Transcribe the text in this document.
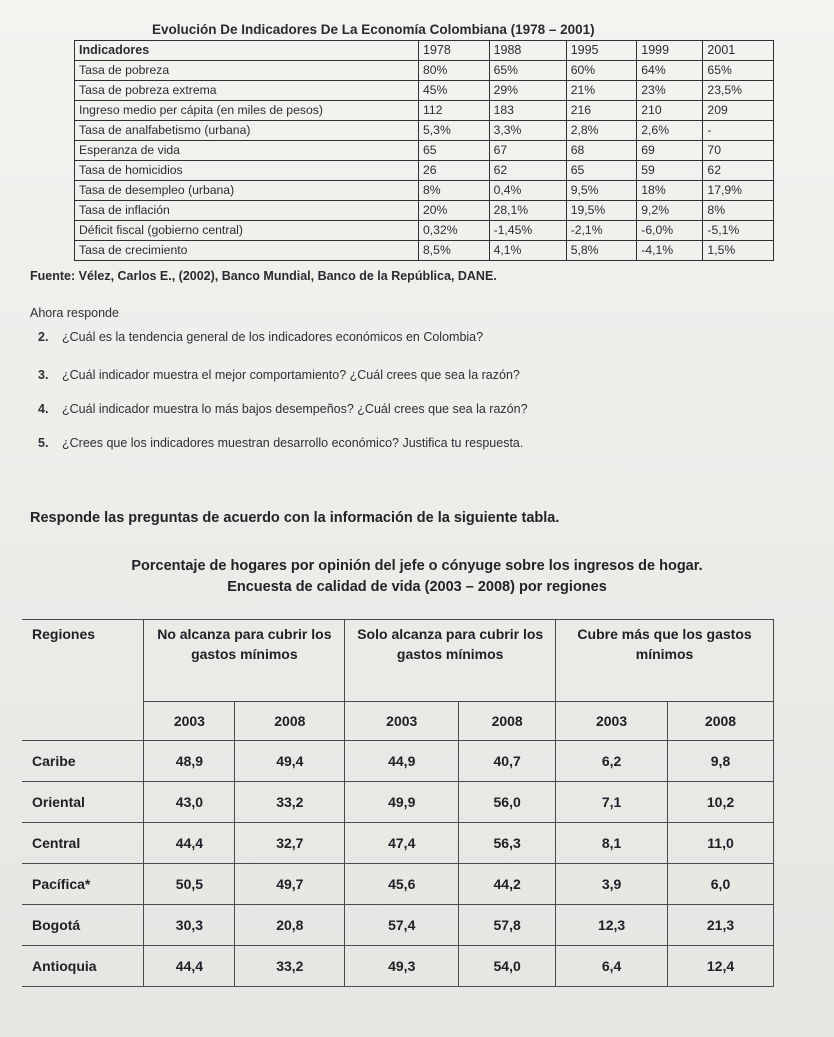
Evolución De Indicadores De La Economía Colombiana (1978 – 2001)
Indicadores	1978	1988	1995	1999	2001
Tasa de pobreza	80%	65%	60%	64%	65%
Tasa de pobreza extrema	45%	29%	21%	23%	23,5%
Ingreso medio per cápita (en miles de pesos)	112	183	216	210	209
Tasa de analfabetismo (urbana)	5,3%	3,3%	2,8%	2,6%	-
Esperanza de vida	65	67	68	69	70
Tasa de homicidios	26	62	65	59	62
Tasa de desempleo (urbana)	8%	0,4%	9,5%	18%	17,9%
Tasa de inflación	20%	28,1%	19,5%	9,2%	8%
Déficit fiscal (gobierno central)	0,32%	-1,45%	-2,1%	-6,0%	-5,1%
Tasa de crecimiento	8,5%	4,1%	5,8%	-4,1%	1,5%
Fuente: Vélez, Carlos E., (2002), Banco Mundial, Banco de la República, DANE.
Ahora responde
2. ¿Cuál es la tendencia general de los indicadores económicos en Colombia?
3. ¿Cuál indicador muestra el mejor comportamiento? ¿Cuál crees que sea la razón?
4. ¿Cuál indicador muestra lo más bajos desempeños? ¿Cuál crees que sea la razón?
5. ¿Crees que los indicadores muestran desarrollo económico? Justifica tu respuesta.
Responde las preguntas de acuerdo con la información de la siguiente tabla.
Porcentaje de hogares por opinión del jefe o cónyuge sobre los ingresos de hogar.
Encuesta de calidad de vida (2003 – 2008) por regiones
Regiones	No alcanza para cubrir los gastos mínimos		Solo alcanza para cubrir los gastos mínimos		Cubre más que los gastos mínimos	
	2003	2008	2003	2008	2003	2008
Caribe	48,9	49,4	44,9	40,7	6,2	9,8
Oriental	43,0	33,2	49,9	56,0	7,1	10,2
Central	44,4	32,7	47,4	56,3	8,1	11,0
Pacífica*	50,5	49,7	45,6	44,2	3,9	6,0
Bogotá	30,3	20,8	57,4	57,8	12,3	21,3
Antioquia	44,4	33,2	49,3	54,0	6,4	12,4
